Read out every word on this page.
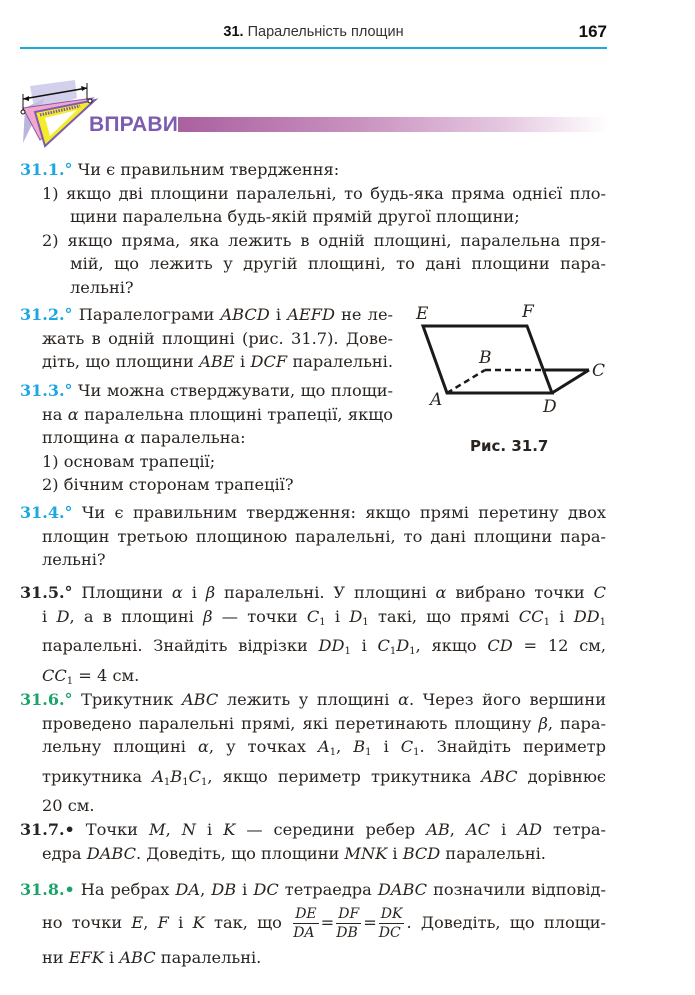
31. Паралельність площин	167
ВПРАВИ
31.1.° Чи є правильним твердження:
1) якщо дві площини паралельні, то будь-яка пряма однієї пло-
щини паралельна будь-якій прямій другої площини;
2) якщо пряма, яка лежить в одній площині, паралельна пря-
мій, що лежить у другій площині, то дані площини пара-
лельні?
31.2.° Паралелограми ABCD і AEFD не ле-
жать в одній площині (рис. 31.7). Дове-
діть, що площини ABE і DCF паралельні.
31.3.° Чи можна стверджувати, що площи-
на α паралельна площині трапеції, якщо
площина α паралельна:
1) основам трапеції;
2) бічним сторонам трапеції?
E	F
B
C
A	D
Рис. 31.7
31.4.° Чи є правильним твердження: якщо прямі перетину двох
площин третьою площиною паралельні, то дані площини пара-
лельні?
31.5.° Площини α і β паралельні. У площині α вибрано точки C
і D, а в площині β — точки $C_1$ і $D_1$ такі, що прямі $CC_1$ і $DD_1$
паралельні. Знайдіть відрізки $DD_1$ і $C_1D_1$, якщо CD = 12 см,
$CC_1 = 4$ см.
31.6.° Трикутник ABC лежить у площині α. Через його вершини
проведено паралельні прямі, які перетинають площину β, пара-
лельну площині α, у точках $A_1$, $B_1$ і $C_1$. Знайдіть периметр
трикутника $A_1B_1C_1$, якщо периметр трикутника ABC дорівнює
20 см.
31.7.• Точки M, N і K — середини ребер AB, AC і AD тетра-
едра DABC. Доведіть, що площини MNK і BCD паралельні.
31.8.• На ребрах DA, DB і DC тетраедра DABC позначили відповід-
но точки E, F і K так, що $\frac{DE}{DA} = \frac{DF}{DB} = \frac{DK}{DC}$ . Доведіть, що площи-
ни EFK і ABC паралельні.
